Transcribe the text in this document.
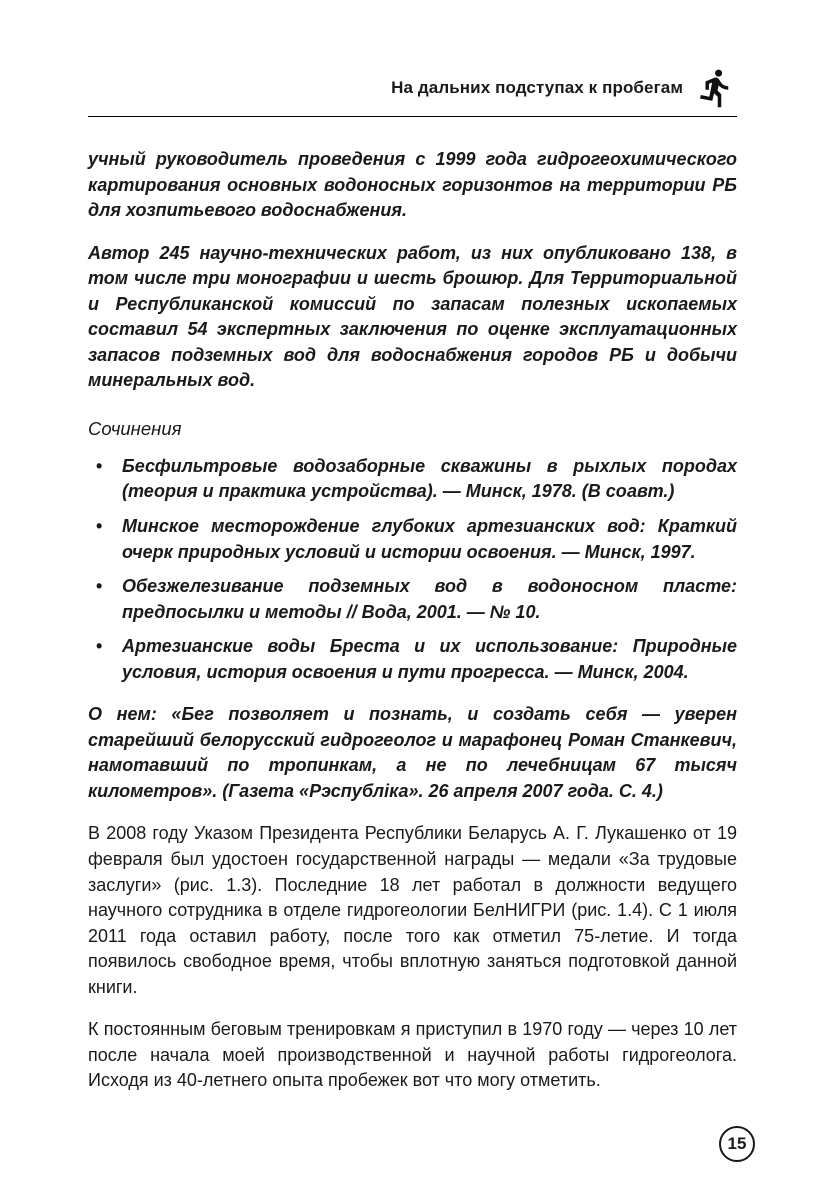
На дальних подступах к пробегам

учный руководитель проведения с 1999 года гидрогеохимического картирования основных водоносных горизонтов на территории РБ для хозпитьевого водоснабжения.

Автор 245 научно-технических работ, из них опубликовано 138, в том числе три монографии и шесть брошюр. Для Территориальной и Республиканской комиссий по запасам полезных ископаемых составил 54 экспертных заключения по оценке эксплуатационных запасов подземных вод для водоснабжения городов РБ и добычи минеральных вод.

Сочинения
• Бесфильтровые водозаборные скважины в рыхлых породах (теория и практика устройства). — Минск, 1978. (В соавт.)
• Минское месторождение глубоких артезианских вод: Краткий очерк природных условий и истории освоения. — Минск, 1997.
• Обезжелезивание подземных вод в водоносном пласте: предпосылки и методы // Вода, 2001. — № 10.
• Артезианские воды Бреста и их использование: Природные условия, история освоения и пути прогресса. — Минск, 2004.

О нем: «Бег позволяет и познать, и создать себя — уверен старейший белорусский гидрогеолог и марафонец Роман Станкевич, намотавший по тропинкам, а не по лечебницам 67 тысяч километров». (Газета «Рэспубліка». 26 апреля 2007 года. С. 4.)

В 2008 году Указом Президента Республики Беларусь А. Г. Лукашенко от 19 февраля был удостоен государственной награды — медали «За трудовые заслуги» (рис. 1.3). Последние 18 лет работал в должности ведущего научного сотрудника в отделе гидрогеологии БелНИГРИ (рис. 1.4). С 1 июля 2011 года оставил работу, после того как отметил 75-летие. И тогда появилось свободное время, чтобы вплотную заняться подготовкой данной книги.

К постоянным беговым тренировкам я приступил в 1970 году — через 10 лет после начала моей производственной и научной работы гидрогеолога. Исходя из 40-летнего опыта пробежек вот что могу отметить.

15
